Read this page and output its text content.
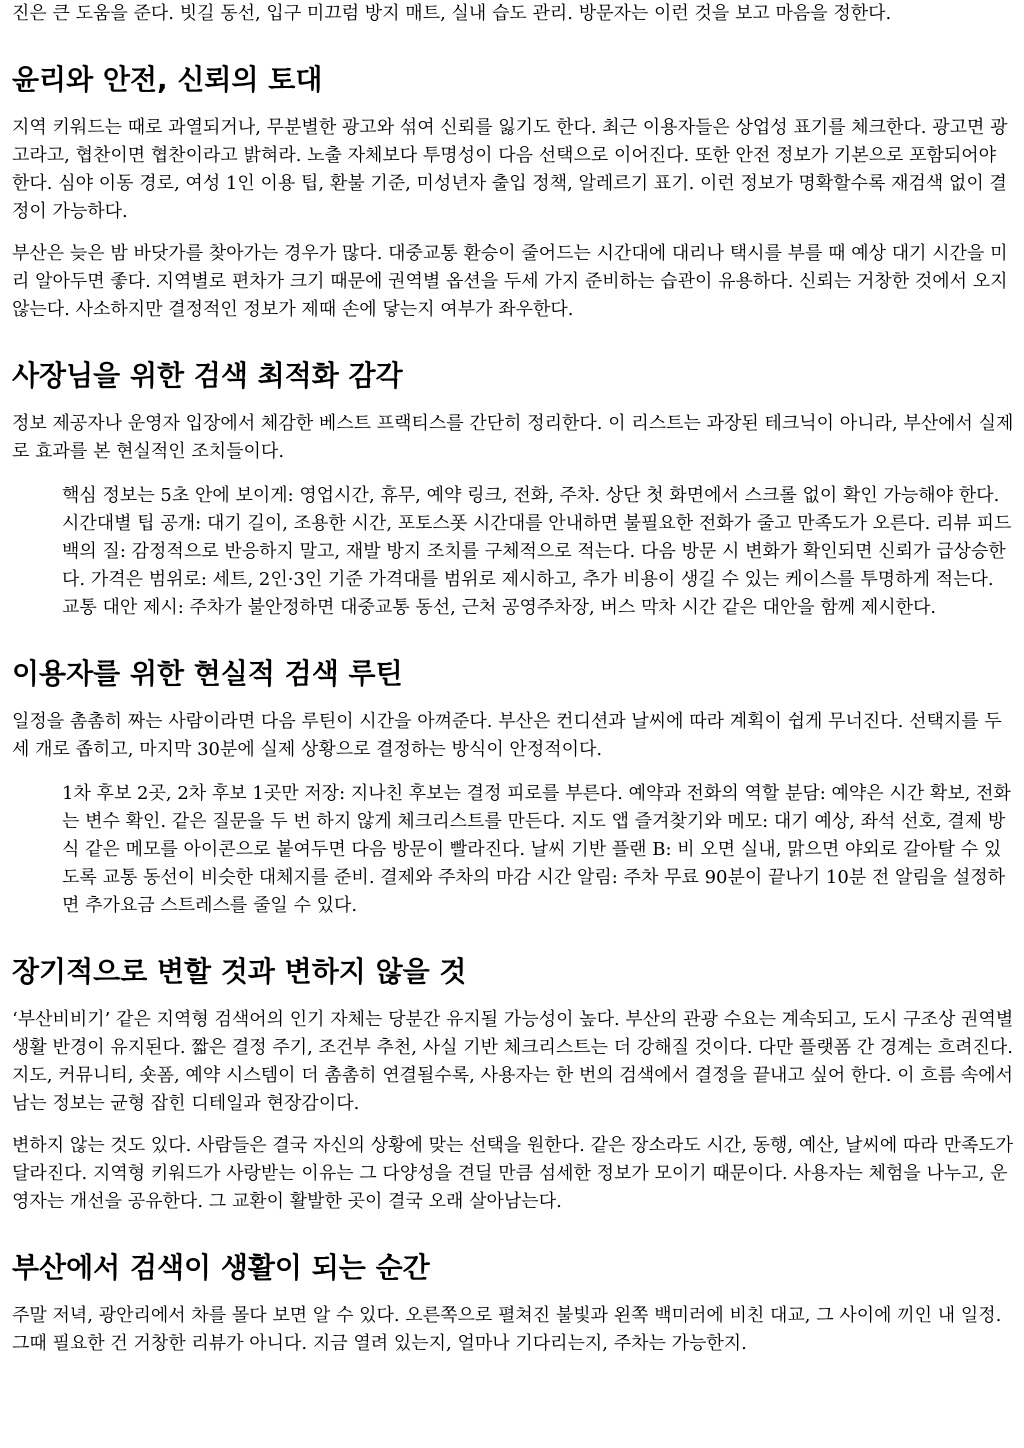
진은 큰 도움을 준다. 빗길 동선, 입구 미끄럼 방지 매트, 실내 습도 관리. 방문자는 이런 것을 보고 마음을 정한다.

윤리와 안전, 신뢰의 토대

지역 키워드는 때로 과열되거나, 무분별한 광고와 섞여 신뢰를 잃기도 한다. 최근 이용자들은 상업성 표기를 체크한다. 광고면 광고라고, 협찬이면 협찬이라고 밝혀라. 노출 자체보다 투명성이 다음 선택으로 이어진다. 또한 안전 정보가 기본으로 포함되어야 한다. 심야 이동 경로, 여성 1인 이용 팁, 환불 기준, 미성년자 출입 정책, 알레르기 표기. 이런 정보가 명확할수록 재검색 없이 결정이 가능하다.

부산은 늦은 밤 바닷가를 찾아가는 경우가 많다. 대중교통 환승이 줄어드는 시간대에 대리나 택시를 부를 때 예상 대기 시간을 미리 알아두면 좋다. 지역별로 편차가 크기 때문에 권역별 옵션을 두세 가지 준비하는 습관이 유용하다. 신뢰는 거창한 것에서 오지 않는다. 사소하지만 결정적인 정보가 제때 손에 닿는지 여부가 좌우한다.

사장님을 위한 검색 최적화 감각

정보 제공자나 운영자 입장에서 체감한 베스트 프랙티스를 간단히 정리한다. 이 리스트는 과장된 테크닉이 아니라, 부산에서 실제로 효과를 본 현실적인 조치들이다.

핵심 정보는 5초 안에 보이게: 영업시간, 휴무, 예약 링크, 전화, 주차. 상단 첫 화면에서 스크롤 없이 확인 가능해야 한다. 시간대별 팁 공개: 대기 길이, 조용한 시간, 포토스폿 시간대를 안내하면 불필요한 전화가 줄고 만족도가 오른다. 리뷰 피드백의 질: 감정적으로 반응하지 말고, 재발 방지 조치를 구체적으로 적는다. 다음 방문 시 변화가 확인되면 신뢰가 급상승한다. 가격은 범위로: 세트, 2인·3인 기준 가격대를 범위로 제시하고, 추가 비용이 생길 수 있는 케이스를 투명하게 적는다. 교통 대안 제시: 주차가 불안정하면 대중교통 동선, 근처 공영주차장, 버스 막차 시간 같은 대안을 함께 제시한다.

이용자를 위한 현실적 검색 루틴

일정을 촘촘히 짜는 사람이라면 다음 루틴이 시간을 아껴준다. 부산은 컨디션과 날씨에 따라 계획이 쉽게 무너진다. 선택지를 두세 개로 좁히고, 마지막 30분에 실제 상황으로 결정하는 방식이 안정적이다.

1차 후보 2곳, 2차 후보 1곳만 저장: 지나친 후보는 결정 피로를 부른다. 예약과 전화의 역할 분담: 예약은 시간 확보, 전화는 변수 확인. 같은 질문을 두 번 하지 않게 체크리스트를 만든다. 지도 앱 즐겨찾기와 메모: 대기 예상, 좌석 선호, 결제 방식 같은 메모를 아이콘으로 붙여두면 다음 방문이 빨라진다. 날씨 기반 플랜 B: 비 오면 실내, 맑으면 야외로 갈아탈 수 있도록 교통 동선이 비슷한 대체지를 준비. 결제와 주차의 마감 시간 알림: 주차 무료 90분이 끝나기 10분 전 알림을 설정하면 추가요금 스트레스를 줄일 수 있다.

장기적으로 변할 것과 변하지 않을 것

‘부산비비기’ 같은 지역형 검색어의 인기 자체는 당분간 유지될 가능성이 높다. 부산의 관광 수요는 계속되고, 도시 구조상 권역별 생활 반경이 유지된다. 짧은 결정 주기, 조건부 추천, 사실 기반 체크리스트는 더 강해질 것이다. 다만 플랫폼 간 경계는 흐려진다. 지도, 커뮤니티, 숏폼, 예약 시스템이 더 촘촘히 연결될수록, 사용자는 한 번의 검색에서 결정을 끝내고 싶어 한다. 이 흐름 속에서 남는 정보는 균형 잡힌 디테일과 현장감이다.

변하지 않는 것도 있다. 사람들은 결국 자신의 상황에 맞는 선택을 원한다. 같은 장소라도 시간, 동행, 예산, 날씨에 따라 만족도가 달라진다. 지역형 키워드가 사랑받는 이유는 그 다양성을 견딜 만큼 섬세한 정보가 모이기 때문이다. 사용자는 체험을 나누고, 운영자는 개선을 공유한다. 그 교환이 활발한 곳이 결국 오래 살아남는다.

부산에서 검색이 생활이 되는 순간

주말 저녁, 광안리에서 차를 몰다 보면 알 수 있다. 오른쪽으로 펼쳐진 불빛과 왼쪽 백미러에 비친 대교, 그 사이에 끼인 내 일정. 그때 필요한 건 거창한 리뷰가 아니다. 지금 열려 있는지, 얼마나 기다리는지, 주차는 가능한지.
